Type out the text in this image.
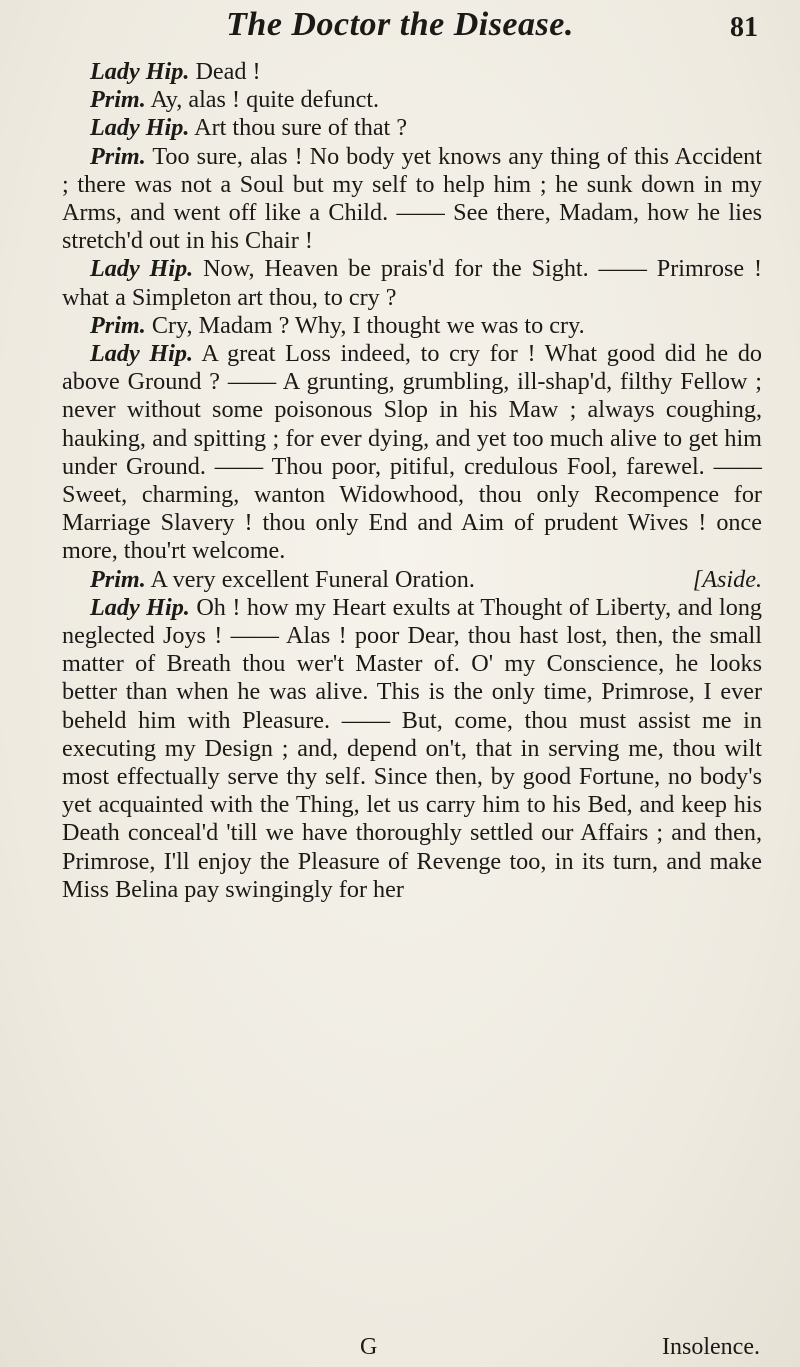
The Doctor the Disease.	81

Lady Hip. Dead !

Prim. Ay, alas ! quite defunct.

Lady Hip. Art thou sure of that ?

Prim. Too sure, alas ! No body yet knows any thing of this Accident ; there was not a Soul but my self to help him ; he sunk down in my Arms, and went off like a Child. —— See there, Madam, how he lies stretch'd out in his Chair !

Lady Hip. Now, Heaven be prais'd for the Sight. —— Primrose ! what a Simpleton art thou, to cry ?

Prim. Cry, Madam ? Why, I thought we was to cry.

Lady Hip. A great Loss indeed, to cry for ! What good did he do above Ground ? —— A grunting, grumbling, ill-shap'd, filthy Fellow ; never without some poisonous Slop in his Maw ; always coughing, hauking, and spitting ; for ever dying, and yet too much alive to get him under Ground. —— Thou poor, pitiful, credulous Fool, farewel. —— Sweet, charming, wanton Widowhood, thou only Recompence for Marriage Slavery ! thou only End and Aim of prudent Wives ! once more, thou'rt welcome.

Prim. A very excellent Funeral Oration.	[Aside.

Lady Hip. Oh ! how my Heart exults at Thought of Liberty, and long neglected Joys ! —— Alas ! poor Dear, thou hast lost, then, the small matter of Breath thou wer't Master of. O' my Conscience, he looks better than when he was alive. This is the only time, Primrose, I ever beheld him with Pleasure. —— But, come, thou must assist me in executing my Design ; and, depend on't, that in serving me, thou wilt most effectually serve thy self. Since then, by good Fortune, no body's yet acquainted with the Thing, let us carry him to his Bed, and keep his Death conceal'd 'till we have thoroughly settled our Affairs ; and then, Primrose, I'll enjoy the Pleasure of Revenge too, in its turn, and make Miss Belina pay swingingly for her

G	Insolence.
